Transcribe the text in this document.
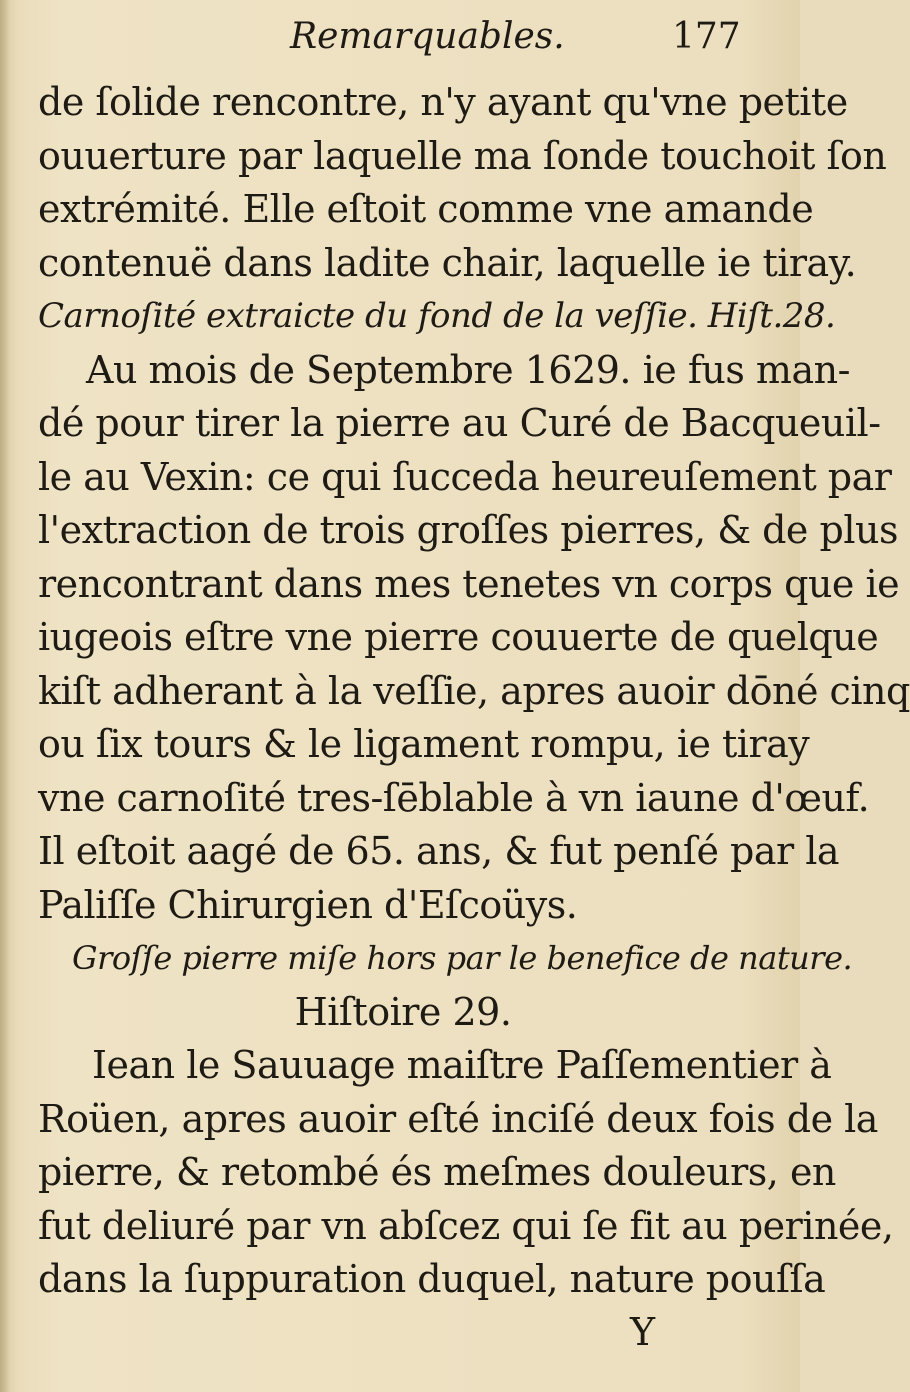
Remarquables.	177
de ſolide rencontre, n'y ayant qu'vne petite
ouuerture par laquelle ma ſonde touchoit ſon
extrémité. Elle eſtoit comme vne amande
contenuë dans ladite chair, laquelle ie tiray.
Carnoſité extraicte du fond de la veſſie. Hiſt.28.
Au mois de Septembre 1629. ie fus man-
dé pour tirer la pierre au Curé de Bacqueuil-
le au Vexin: ce qui ſucceda heureuſement par
l'extraction de trois groſſes pierres, & de plus
rencontrant dans mes tenetes vn corps que ie
iugeois eſtre vne pierre couuerte de quelque
kiſt adherant à la veſſie, apres auoir dōné cinq
ou ſix tours & le ligament rompu, ie tiray
vne carnoſité tres-ſēblable à vn iaune d'œuf.
Il eſtoit aagé de 65. ans, & fut penſé par la
Paliſſe Chirurgien d'Eſcoüys.
Groſſe pierre miſe hors par le benefice de nature.
Hiſtoire 29.
Iean le Sauuage maiſtre Paſſementier à
Roüen, apres auoir eſté inciſé deux fois de la
pierre, & retombé és meſmes douleurs, en
fut deliuré par vn abſcez qui ſe fit au perinée,
dans la ſuppuration duquel, nature pouſſa
Y
